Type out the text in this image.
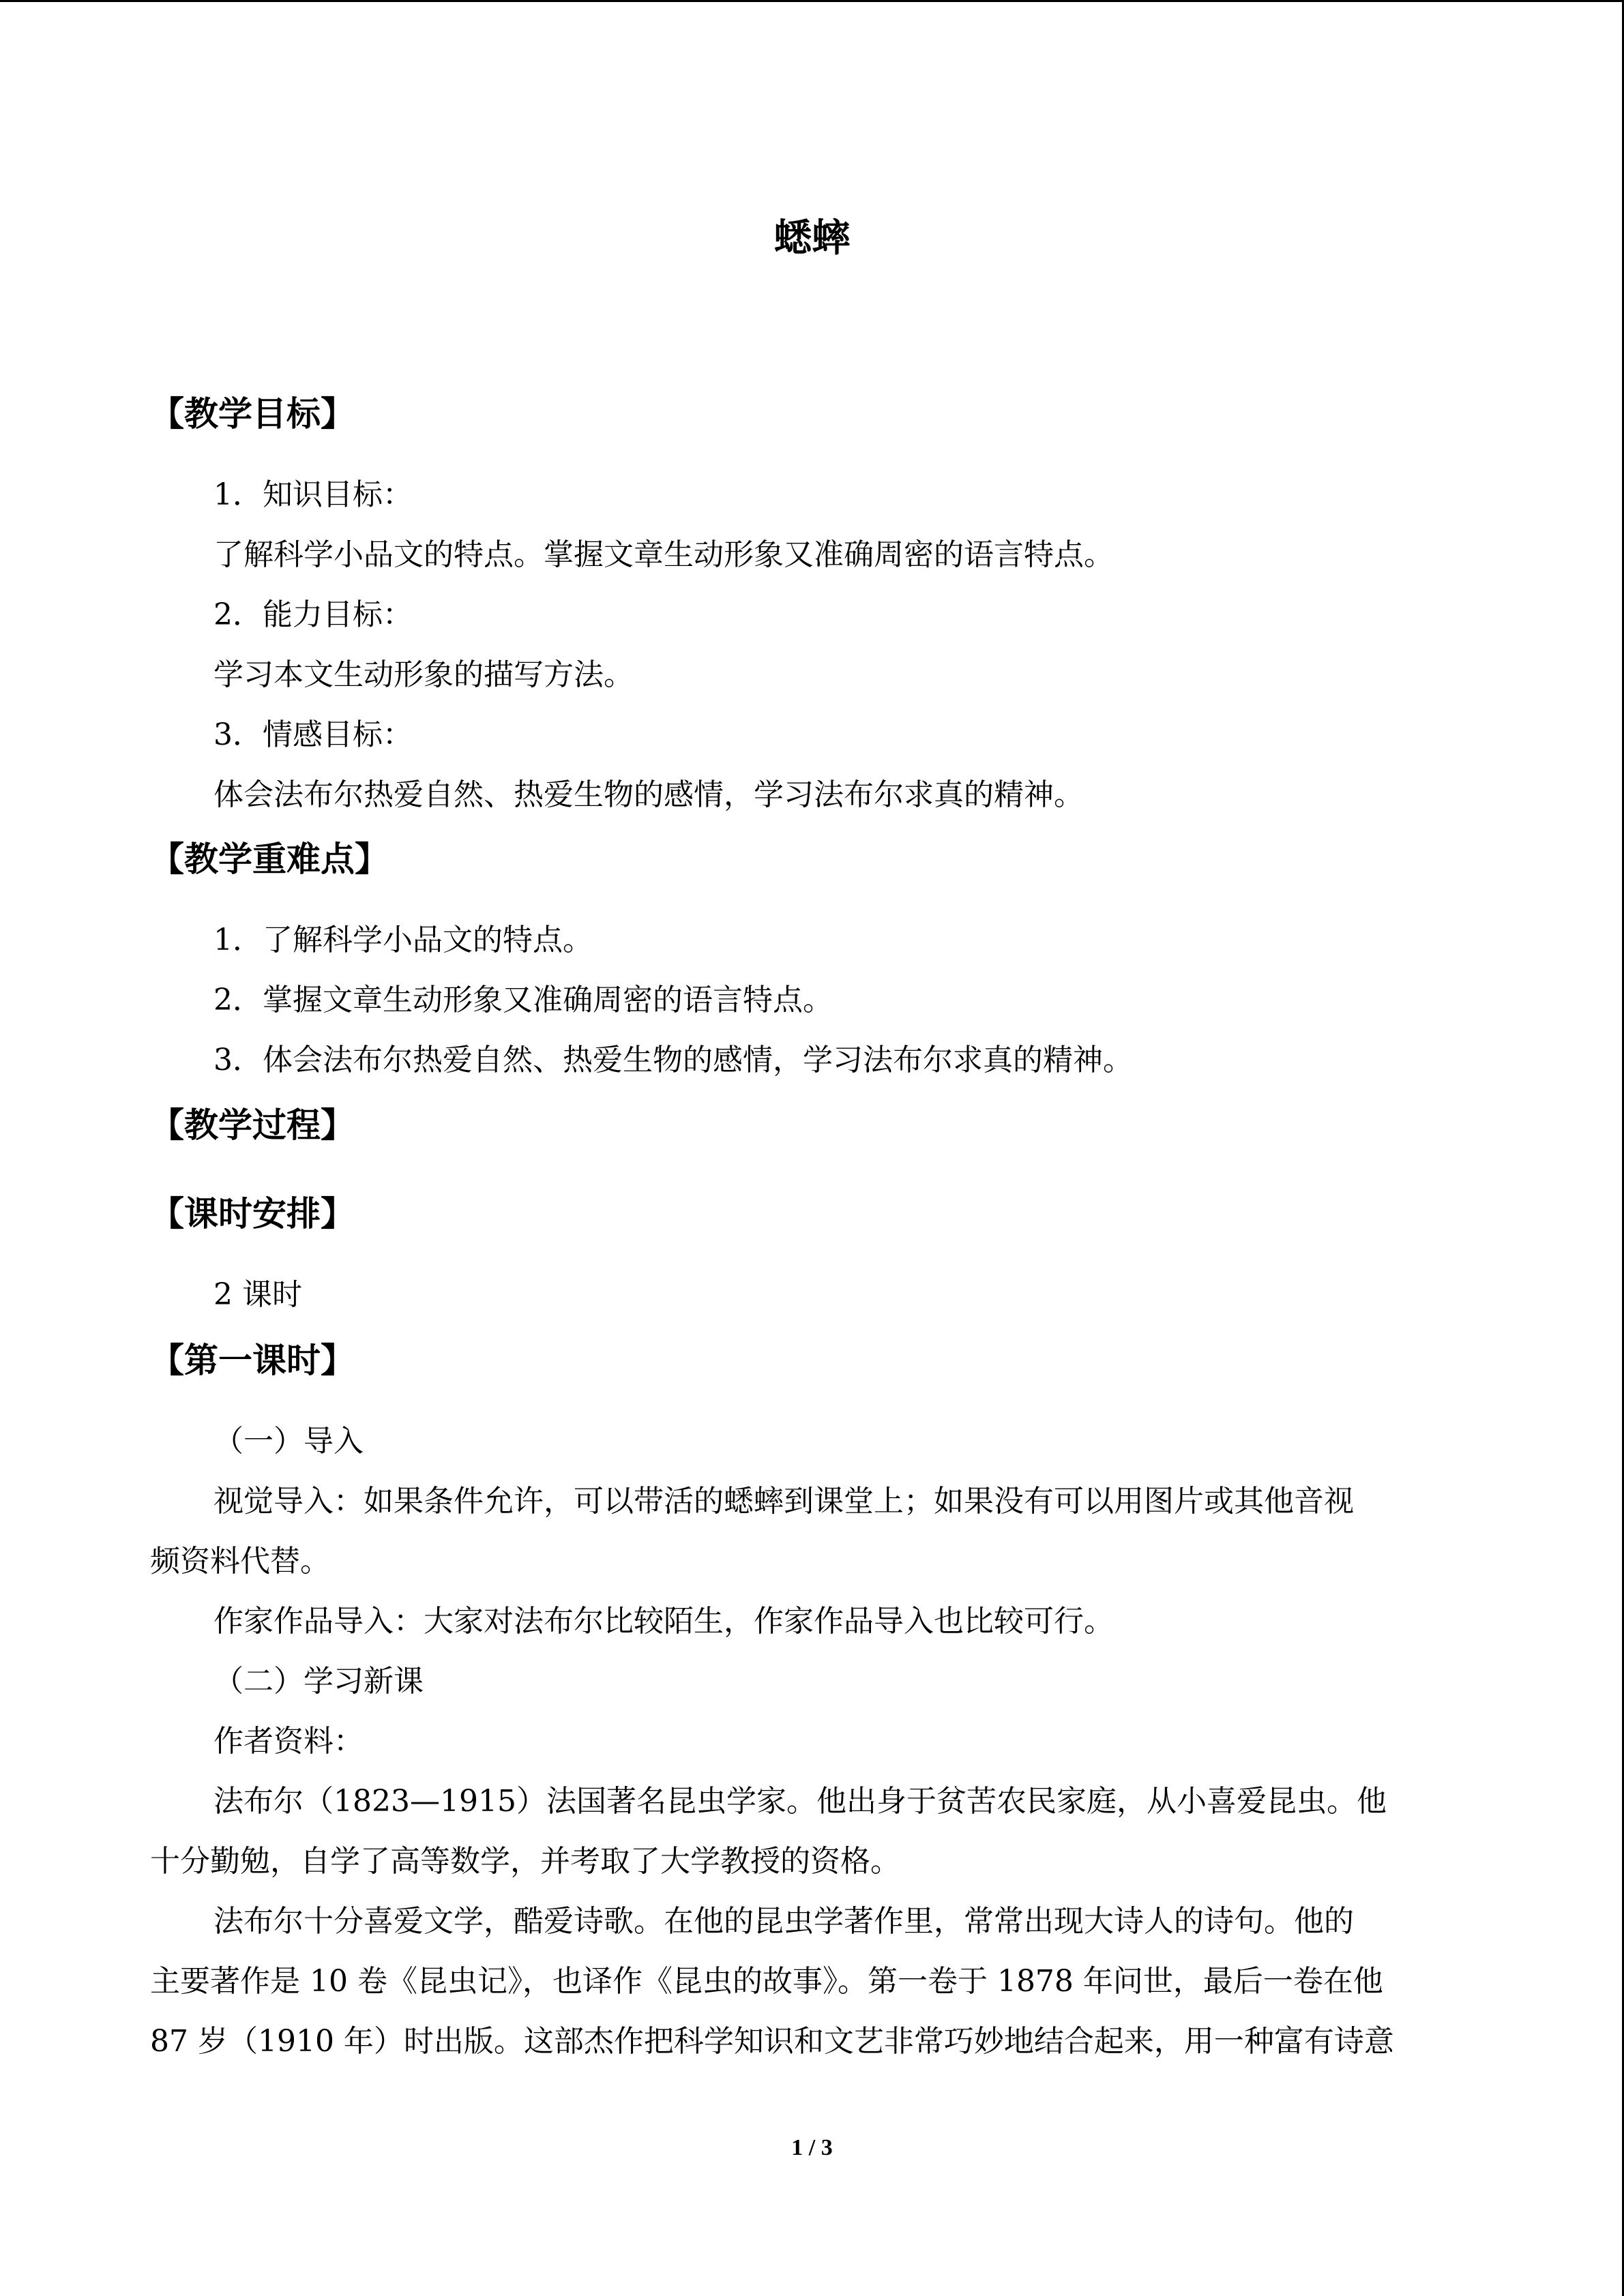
蟋蟀
【教学目标】
1．知识目标：
了解科学小品文的特点。掌握文章生动形象又准确周密的语言特点。
2．能力目标：
学习本文生动形象的描写方法。
3．情感目标：
体会法布尔热爱自然、热爱生物的感情，学习法布尔求真的精神。
【教学重难点】
1．了解科学小品文的特点。
2．掌握文章生动形象又准确周密的语言特点。
3．体会法布尔热爱自然、热爱生物的感情，学习法布尔求真的精神。
【教学过程】
【课时安排】
2 课时
【第一课时】
（一）导入
视觉导入：如果条件允许，可以带活的蟋蟀到课堂上；如果没有可以用图片或其他音视
频资料代替。
作家作品导入：大家对法布尔比较陌生，作家作品导入也比较可行。
（二）学习新课
作者资料：
法布尔（1823—1915）法国著名昆虫学家。他出身于贫苦农民家庭，从小喜爱昆虫。他
十分勤勉，自学了高等数学，并考取了大学教授的资格。
法布尔十分喜爱文学，酷爱诗歌。在他的昆虫学著作里，常常出现大诗人的诗句。他的
主要著作是 10 卷《昆虫记》，也译作《昆虫的故事》。第一卷于 1878 年问世，最后一卷在他
87 岁（1910 年）时出版。这部杰作把科学知识和文艺非常巧妙地结合起来，用一种富有诗意
1 / 3
